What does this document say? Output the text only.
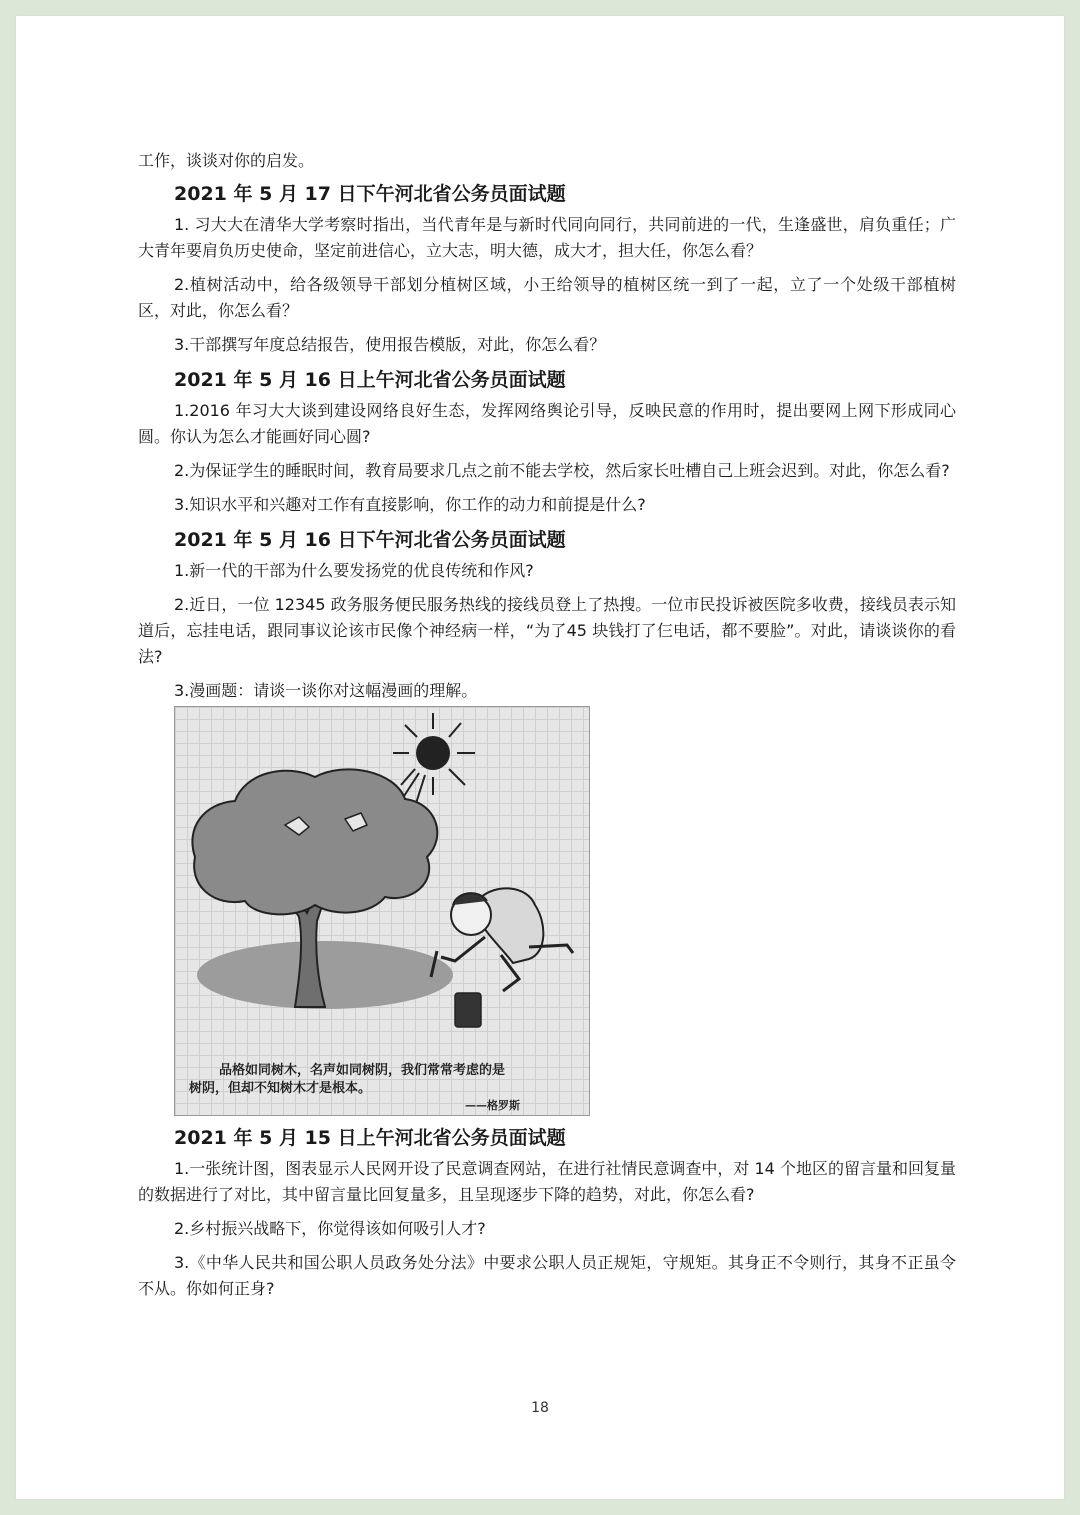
工作，谈谈对你的启发。

2021 年 5 月 17 日下午河北省公务员面试题

1. 习大大在清华大学考察时指出，当代青年是与新时代同向同行，共同前进的一代，生逢盛世，肩负重任；广大青年要肩负历史使命，坚定前进信心，立大志，明大德，成大才，担大任，你怎么看？

2.植树活动中，给各级领导干部划分植树区域，小王给领导的植树区统一到了一起，立了一个处级干部植树区，对此，你怎么看？

3.干部撰写年度总结报告，使用报告模版，对此，你怎么看？

2021 年 5 月 16 日上午河北省公务员面试题

1.2016 年习大大谈到建设网络良好生态，发挥网络舆论引导，反映民意的作用时，提出要网上网下形成同心圆。你认为怎么才能画好同心圆?

2.为保证学生的睡眠时间，教育局要求几点之前不能去学校，然后家长吐槽自己上班会迟到。对此，你怎么看?

3.知识水平和兴趣对工作有直接影响，你工作的动力和前提是什么?

2021 年 5 月 16 日下午河北省公务员面试题

1.新一代的干部为什么要发扬党的优良传统和作风?

2.近日，一位 12345 政务服务便民服务热线的接线员登上了热搜。一位市民投诉被医院多收费，接线员表示知道后，忘挂电话，跟同事议论该市民像个神经病一样，“为了45 块钱打了仨电话，都不要脸”。对此，请谈谈你的看法?

3.漫画题：请谈一谈你对这幅漫画的理解。

品格如同树木，名声如同树阴，我们常常考虑的是
树阴，但却不知树木才是根本。
——格罗斯
2021 年 5 月 15 日上午河北省公务员面试题

1.一张统计图，图表显示人民网开设了民意调查网站，在进行社情民意调查中，对 14 个地区的留言量和回复量的数据进行了对比，其中留言量比回复量多，且呈现逐步下降的趋势，对此，你怎么看?

2.乡村振兴战略下，你觉得该如何吸引人才?

3.《中华人民共和国公职人员政务处分法》中要求公职人员正规矩，守规矩。其身正不令则行，其身不正虽令不从。你如何正身?

18
